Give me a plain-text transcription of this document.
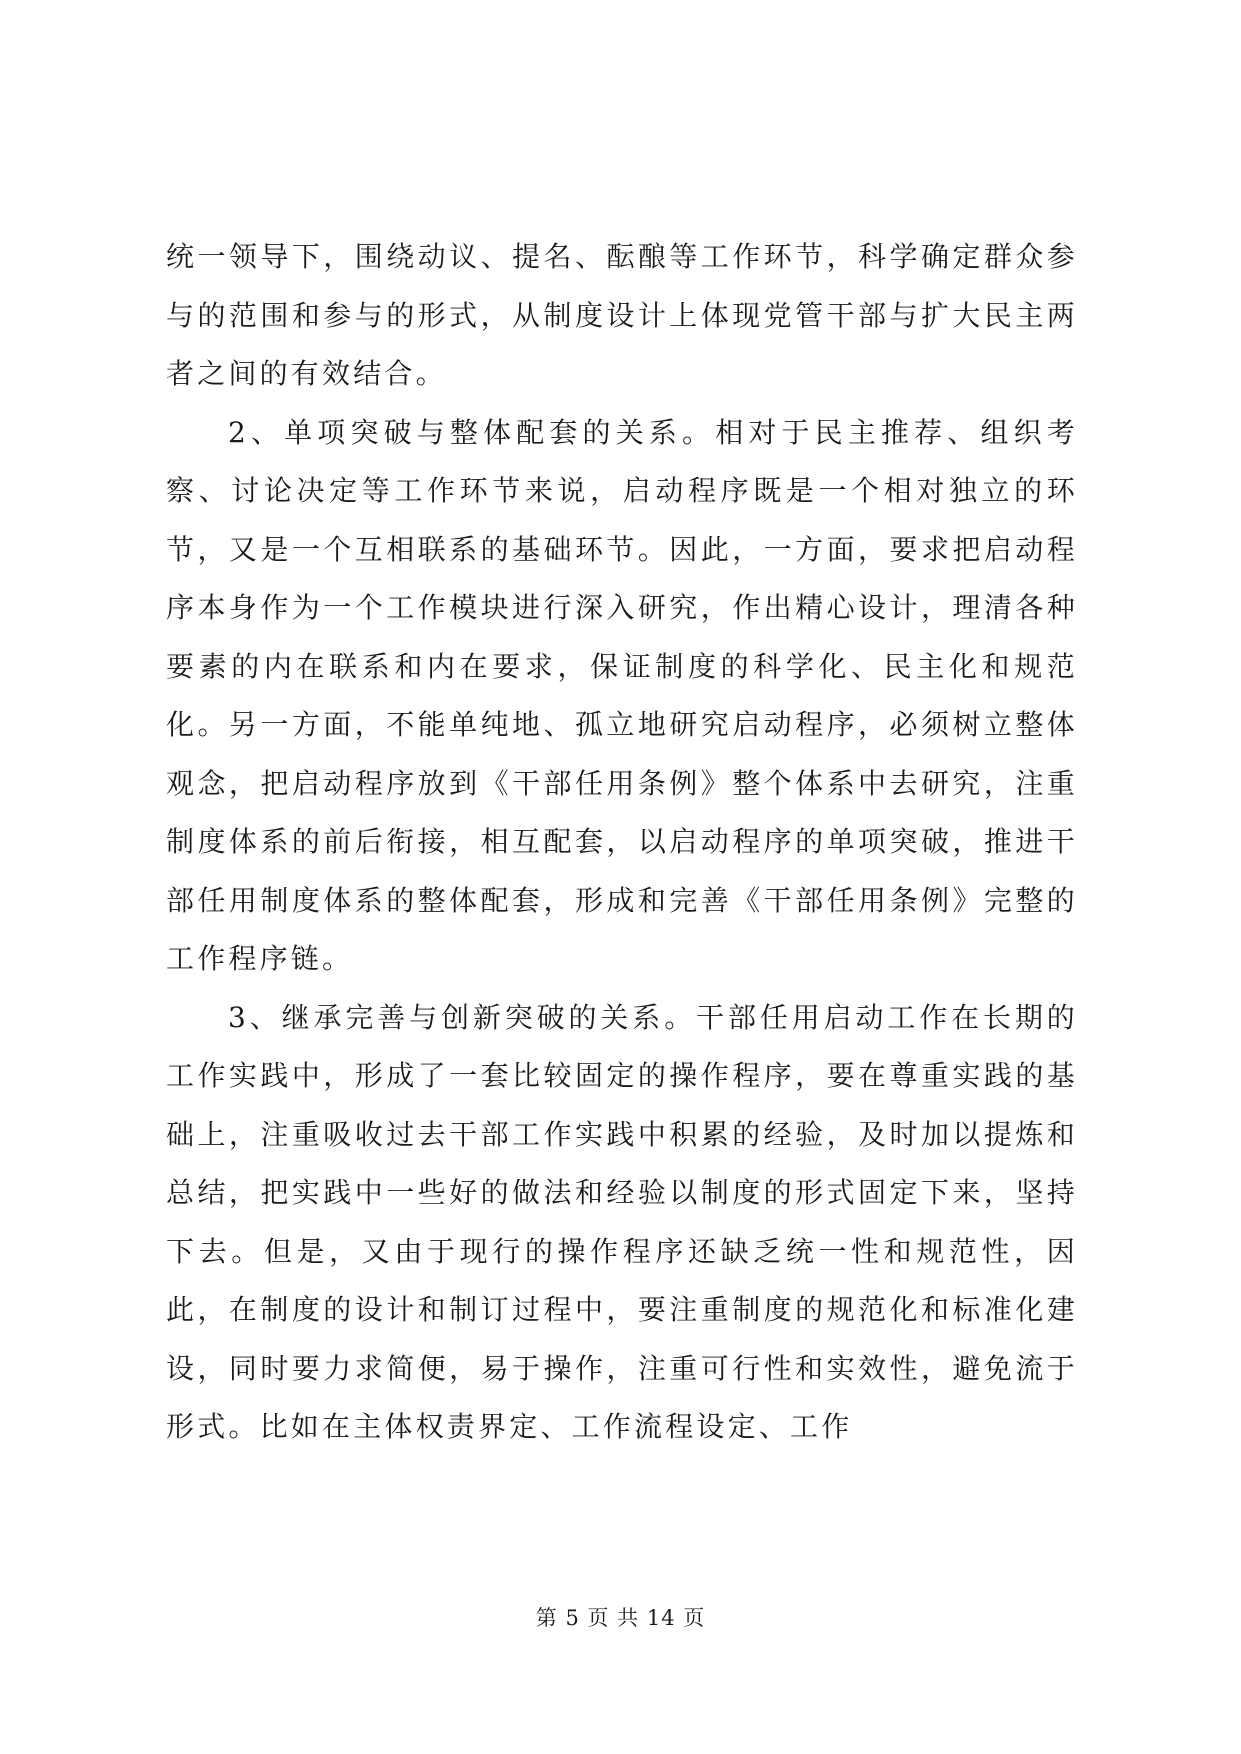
统一领导下，围绕动议、提名、酝酿等工作环节，科学确定群众参与的范围和参与的形式，从制度设计上体现党管干部与扩大民主两者之间的有效结合。

2、单项突破与整体配套的关系。相对于民主推荐、组织考察、讨论决定等工作环节来说，启动程序既是一个相对独立的环节，又是一个互相联系的基础环节。因此，一方面，要求把启动程序本身作为一个工作模块进行深入研究，作出精心设计，理清各种要素的内在联系和内在要求，保证制度的科学化、民主化和规范化。另一方面，不能单纯地、孤立地研究启动程序，必须树立整体观念，把启动程序放到《干部任用条例》整个体系中去研究，注重制度体系的前后衔接，相互配套，以启动程序的单项突破，推进干部任用制度体系的整体配套，形成和完善《干部任用条例》完整的工作程序链。

3、继承完善与创新突破的关系。干部任用启动工作在长期的工作实践中，形成了一套比较固定的操作程序，要在尊重实践的基础上，注重吸收过去干部工作实践中积累的经验，及时加以提炼和总结，把实践中一些好的做法和经验以制度的形式固定下来，坚持下去。但是，又由于现行的操作程序还缺乏统一性和规范性，因此，在制度的设计和制订过程中，要注重制度的规范化和标准化建设，同时要力求简便，易于操作，注重可行性和实效性，避免流于形式。比如在主体权责界定、工作流程设定、工作

第 5 页 共 14 页
